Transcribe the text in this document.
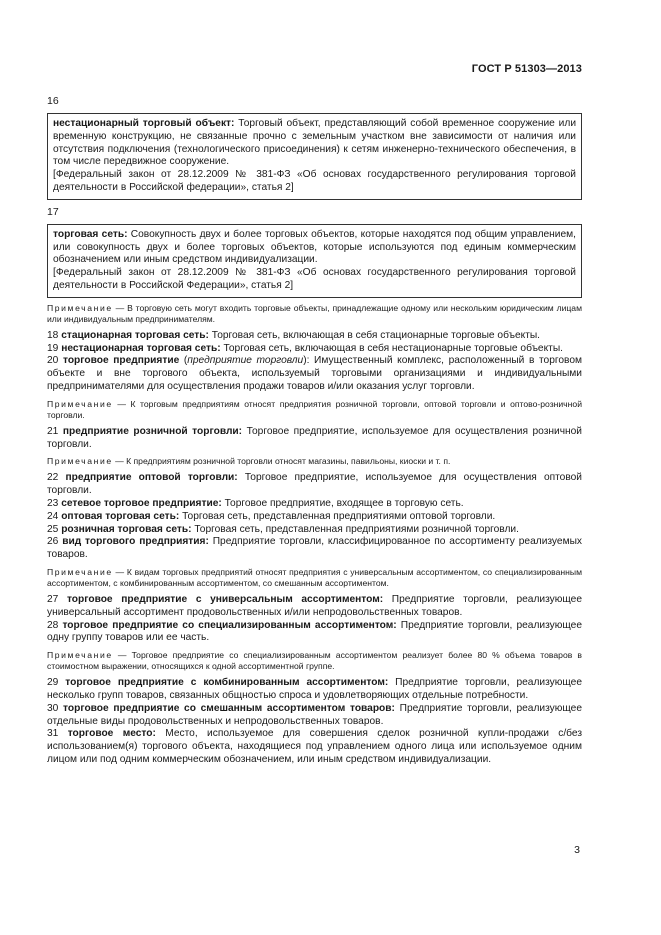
ГОСТ Р 51303—2013

16

нестационарный торговый объект: Торговый объект, представляющий собой временное сооружение или временную конструкцию, не связанные прочно с земельным участком вне зависимости от наличия или отсутствия подключения (технологического присоединения) к сетям инженерно-технического обеспечения, в том числе передвижное сооружение.

[Федеральный закон от 28.12.2009 № 381-ФЗ «Об основах государственного регулирования торговой деятельности в Российской федерации», статья 2]

17

торговая сеть: Совокупность двух и более торговых объектов, которые находятся под общим управлением, или совокупность двух и более торговых объектов, которые используются под единым коммерческим обозначением или иным средством индивидуализации.

[Федеральный закон от 28.12.2009 № 381-ФЗ «Об основах государственного регулирования торговой деятельности в Российской Федерации», статья 2]

Примечание — В торговую сеть могут входить торговые объекты, принадлежащие одному или нескольким юридическим лицам или индивидуальным предпринимателям.

18 стационарная торговая сеть: Торговая сеть, включающая в себя стационарные торговые объекты.

19 нестационарная торговая сеть: Торговая сеть, включающая в себя нестационарные торговые объекты.

20 торговое предприятие (предприятие торговли): Имущественный комплекс, расположенный в торговом объекте и вне торгового объекта, используемый торговыми организациями и индивидуальными предпринимателями для осуществления продажи товаров и/или оказания услуг торговли.

Примечание — К торговым предприятиям относят предприятия розничной торговли, оптовой торговли и оптово-розничной торговли.

21 предприятие розничной торговли: Торговое предприятие, используемое для осуществления розничной торговли.

Примечание — К предприятиям розничной торговли относят магазины, павильоны, киоски и т. п.

22 предприятие оптовой торговли: Торговое предприятие, используемое для осуществления оптовой торговли.

23 сетевое торговое предприятие: Торговое предприятие, входящее в торговую сеть.

24 оптовая торговая сеть: Торговая сеть, представленная предприятиями оптовой торговли.

25 розничная торговая сеть: Торговая сеть, представленная предприятиями розничной торговли.

26 вид торгового предприятия: Предприятие торговли, классифицированное по ассортименту реализуемых товаров.

Примечание — К видам торговых предприятий относят предприятия с универсальным ассортиментом, со специализированным ассортиментом, с комбинированным ассортиментом, со смешанным ассортиментом.

27 торговое предприятие с универсальным ассортиментом: Предприятие торговли, реализующее универсальный ассортимент продовольственных и/или непродовольственных товаров.

28 торговое предприятие со специализированным ассортиментом: Предприятие торговли, реализующее одну группу товаров или ее часть.

Примечание — Торговое предприятие со специализированным ассортиментом реализует более 80 % объема товаров в стоимостном выражении, относящихся к одной ассортиментной группе.

29 торговое предприятие с комбинированным ассортиментом: Предприятие торговли, реализующее несколько групп товаров, связанных общностью спроса и удовлетворяющих отдельные потребности.

30 торговое предприятие со смешанным ассортиментом товаров: Предприятие торговли, реализующее отдельные виды продовольственных и непродовольственных товаров.

31 торговое место: Место, используемое для совершения сделок розничной купли-продажи с/без использованием(я) торгового объекта, находящиеся под управлением одного лица или используемое одним лицом или под одним коммерческим обозначением, или иным средством индивидуализации.

3
